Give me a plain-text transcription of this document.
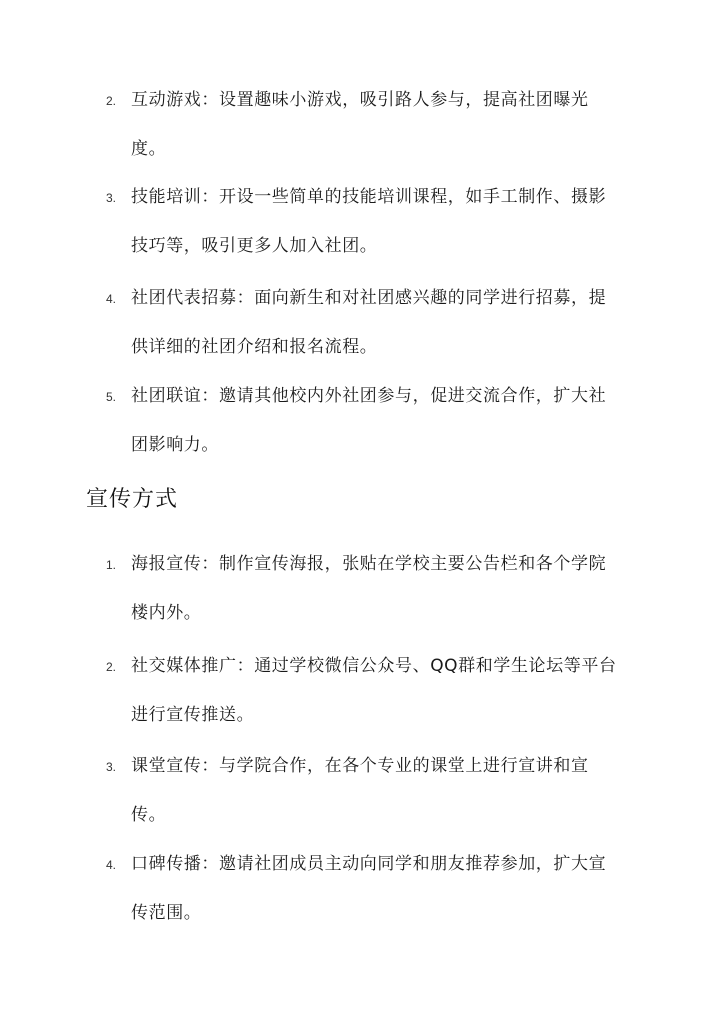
2. 互动游戏：设置趣味小游戏，吸引路人参与，提高社团曝光度。
3. 技能培训：开设一些简单的技能培训课程，如手工制作、摄影技巧等，吸引更多人加入社团。
4. 社团代表招募：面向新生和对社团感兴趣的同学进行招募，提供详细的社团介绍和报名流程。
5. 社团联谊：邀请其他校内外社团参与，促进交流合作，扩大社团影响力。
宣传方式
1. 海报宣传：制作宣传海报，张贴在学校主要公告栏和各个学院楼内外。
2. 社交媒体推广：通过学校微信公众号、QQ群和学生论坛等平台进行宣传推送。
3. 课堂宣传：与学院合作，在各个专业的课堂上进行宣讲和宣传。
4. 口碑传播：邀请社团成员主动向同学和朋友推荐参加，扩大宣传范围。
